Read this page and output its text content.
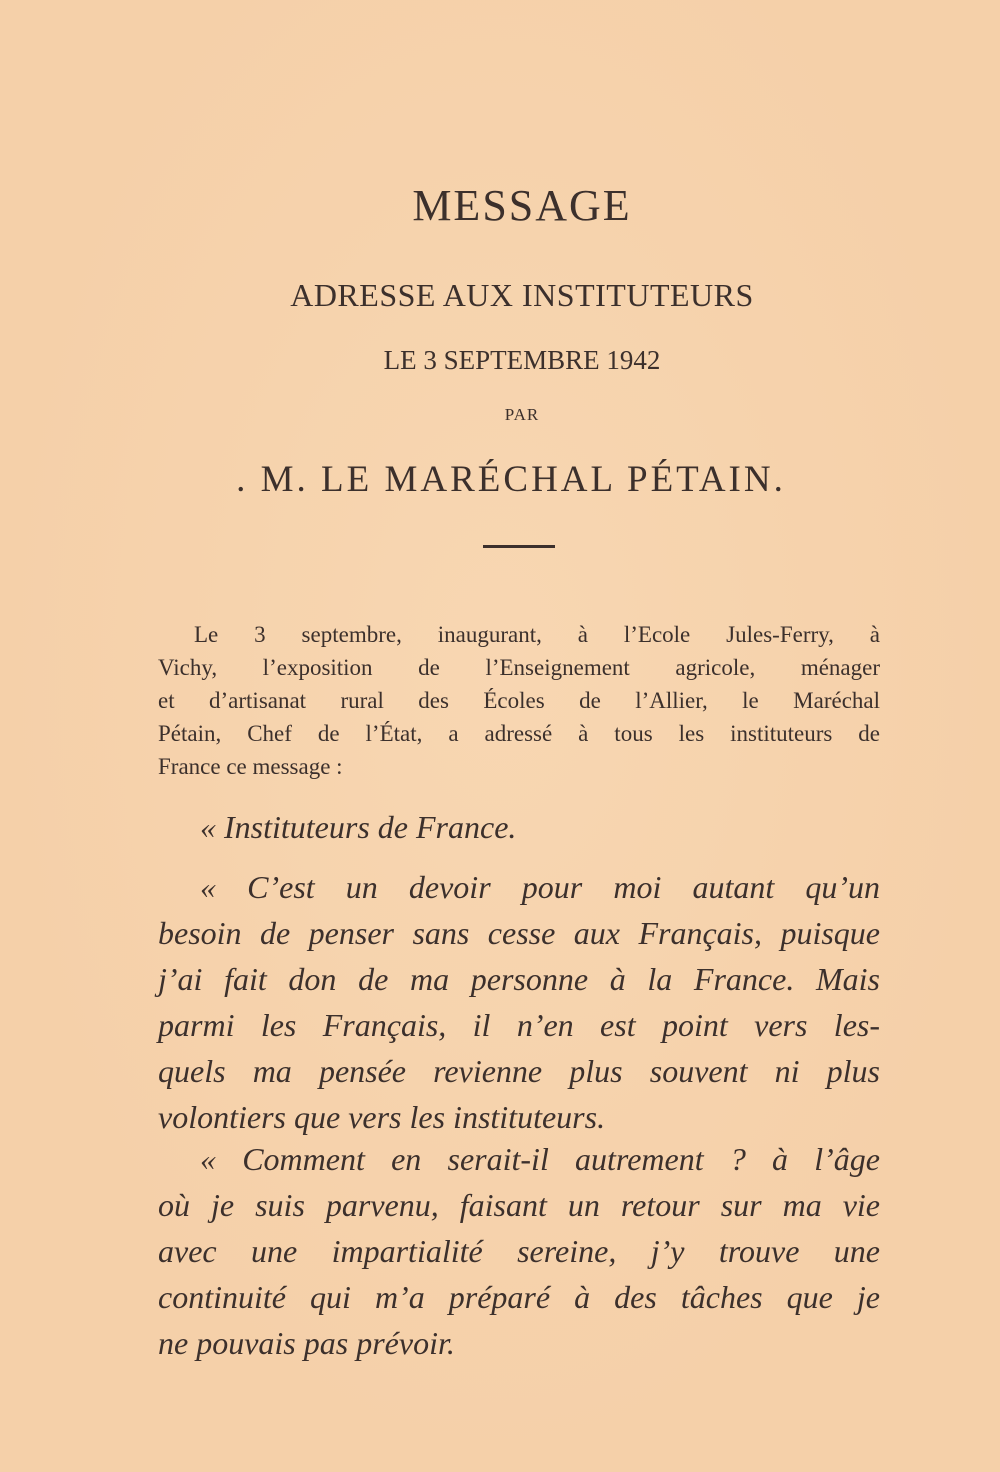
MESSAGE
ADRESSE AUX INSTITUTEURS
LE 3 SEPTEMBRE 1942
PAR
. M. LE MARÉCHAL PÉTAIN.
Le 3 septembre, inaugurant, à l’Ecole Jules-Ferry, à
Vichy, l’exposition de l’Enseignement agricole, ménager
et d’artisanat rural des Écoles de l’Allier, le Maréchal
Pétain, Chef de l’État, a adressé à tous les instituteurs de
France ce message :
« Instituteurs de France.
« C’est un devoir pour moi autant qu’un
besoin de penser sans cesse aux Français, puisque
j’ai fait don de ma personne à la France. Mais
parmi les Français, il n’en est point vers les-
quels ma pensée revienne plus souvent ni plus
volontiers que vers les instituteurs.
« Comment en serait-il autrement ? à l’âge
où je suis parvenu, faisant un retour sur ma vie
avec une impartialité sereine, j’y trouve une
continuité qui m’a préparé à des tâches que je
ne pouvais pas prévoir.
